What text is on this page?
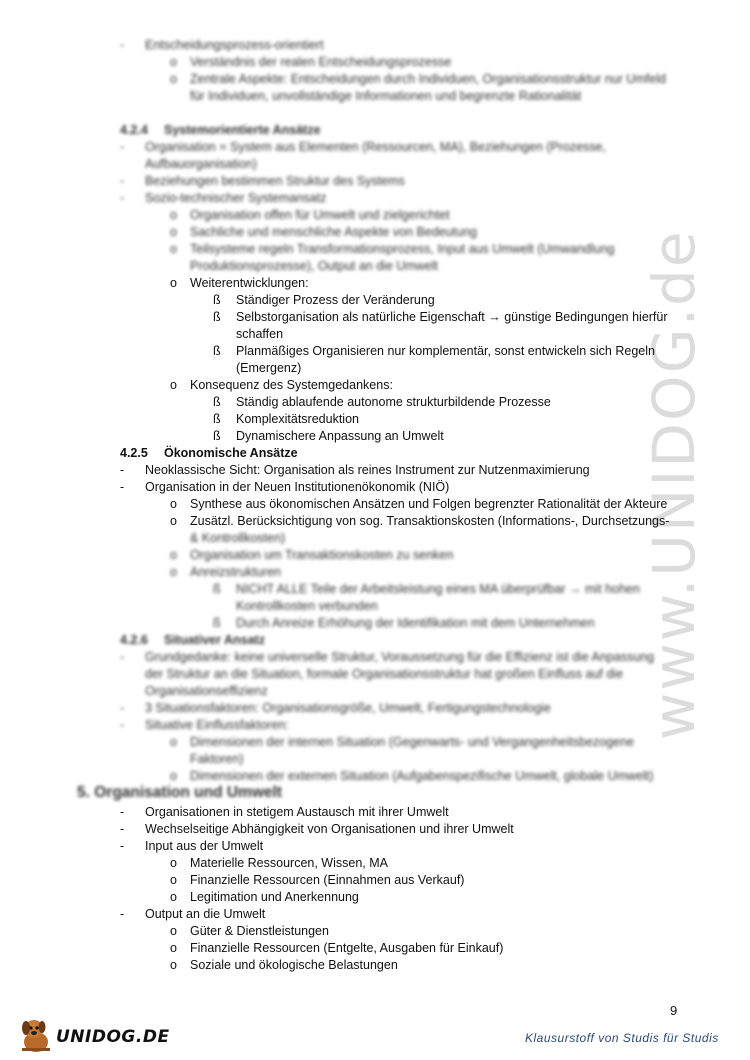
www.UNIDOG.de
- Entscheidungsprozess-orientiert
o Verständnis der realen Entscheidungsprozesse
o Zentrale Aspekte: Entscheidungen durch Individuen, Organisationsstruktur nur Umfeld
für Individuen, unvollständige Informationen und begrenzte Rationalität
4.2.4 Systemorientierte Ansätze
- Organisation = System aus Elementen (Ressourcen, MA), Beziehungen (Prozesse,
Aufbauorganisation)
- Beziehungen bestimmen Struktur des Systems
- Sozio-technischer Systemansatz
o Organisation offen für Umwelt und zielgerichtet
o Sachliche und menschliche Aspekte von Bedeutung
o Teilsysteme regeln Transformationsprozess, Input aus Umwelt (Umwandlung
Produktionsprozesse), Output an die Umwelt
o Weiterentwicklungen:
ß Ständiger Prozess der Veränderung
ß Selbstorganisation als natürliche Eigenschaft → günstige Bedingungen hierfür
schaffen
ß Planmäßiges Organisieren nur komplementär, sonst entwickeln sich Regeln
(Emergenz)
o Konsequenz des Systemgedankens:
ß Ständig ablaufende autonome strukturbildende Prozesse
ß Komplexitätsreduktion
ß Dynamischere Anpassung an Umwelt
4.2.5 Ökonomische Ansätze
- Neoklassische Sicht: Organisation als reines Instrument zur Nutzenmaximierung
- Organisation in der Neuen Institutionenökonomik (NIÖ)
o Synthese aus ökonomischen Ansätzen und Folgen begrenzter Rationalität der Akteure
o Zusätzl. Berücksichtigung von sog. Transaktionskosten (Informations-, Durchsetzungs-
& Kontrollkosten)
o Organisation um Transaktionskosten zu senken
o Anreizstrukturen
ß NICHT ALLE Teile der Arbeitsleistung eines MA überprüfbar → mit hohen
Kontrollkosten verbunden
ß Durch Anreize Erhöhung der Identifikation mit dem Unternehmen
4.2.6 Situativer Ansatz
- Grundgedanke: keine universelle Struktur, Voraussetzung für die Effizienz ist die Anpassung
der Struktur an die Situation, formale Organisationsstruktur hat großen Einfluss auf die
Organisationseffizienz
- 3 Situationsfaktoren: Organisationsgröße, Umwelt, Fertigungstechnologie
- Situative Einflussfaktoren:
o Dimensionen der internen Situation (Gegenwarts- und Vergangenheitsbezogene
Faktoren)
o Dimensionen der externen Situation (Aufgabenspezifische Umwelt, globale Umwelt)
5. Organisation und Umwelt
- Organisationen in stetigem Austausch mit ihrer Umwelt
- Wechselseitige Abhängigkeit von Organisationen und ihrer Umwelt
- Input aus der Umwelt
o Materielle Ressourcen, Wissen, MA
o Finanzielle Ressourcen (Einnahmen aus Verkauf)
o Legitimation und Anerkennung
- Output an die Umwelt
o Güter & Dienstleistungen
o Finanzielle Ressourcen (Entgelte, Ausgaben für Einkauf)
o Soziale und ökologische Belastungen
9
UNIDOG.DE	Klausurstoff von Studis für Studis
